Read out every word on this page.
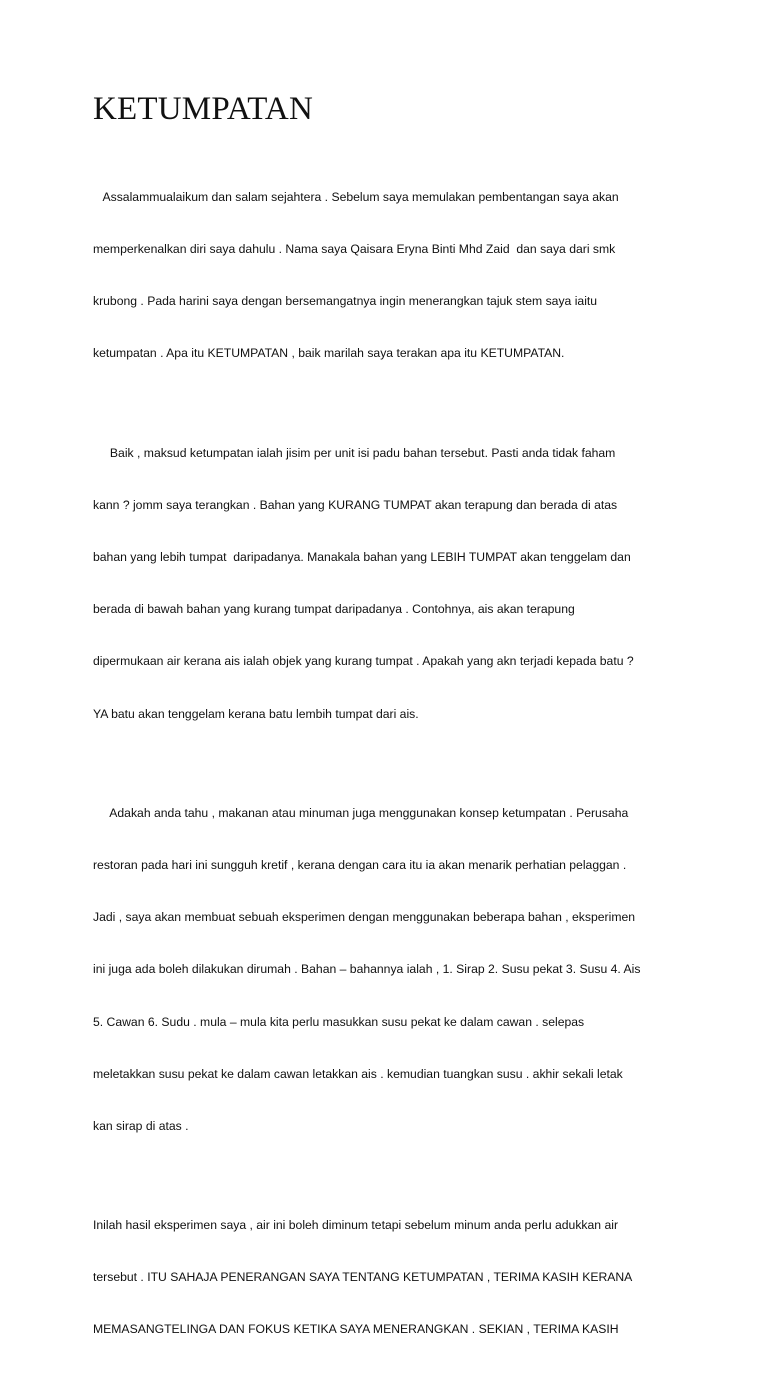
KETUMPATAN

Assalammualaikum dan salam sejahtera . Sebelum saya memulakan pembentangan saya akan

memperkenalkan diri saya dahulu . Nama saya Qaisara Eryna Binti Mhd Zaid  dan saya dari smk

krubong . Pada harini saya dengan bersemangatnya ingin menerangkan tajuk stem saya iaitu

ketumpatan . Apa itu KETUMPATAN , baik marilah saya terakan apa itu KETUMPATAN.

Baik , maksud ketumpatan ialah jisim per unit isi padu bahan tersebut. Pasti anda tidak faham

kann ? jomm saya terangkan . Bahan yang KURANG TUMPAT akan terapung dan berada di atas

bahan yang lebih tumpat  daripadanya. Manakala bahan yang LEBIH TUMPAT akan tenggelam dan

berada di bawah bahan yang kurang tumpat daripadanya . Contohnya, ais akan terapung

dipermukaan air kerana ais ialah objek yang kurang tumpat . Apakah yang akn terjadi kepada batu ?

YA batu akan tenggelam kerana batu lembih tumpat dari ais.

Adakah anda tahu , makanan atau minuman juga menggunakan konsep ketumpatan . Perusaha

restoran pada hari ini sungguh kretif , kerana dengan cara itu ia akan menarik perhatian pelaggan .

Jadi , saya akan membuat sebuah eksperimen dengan menggunakan beberapa bahan , eksperimen

ini juga ada boleh dilakukan dirumah . Bahan – bahannya ialah , 1. Sirap 2. Susu pekat 3. Susu 4. Ais

5. Cawan 6. Sudu . mula – mula kita perlu masukkan susu pekat ke dalam cawan . selepas

meletakkan susu pekat ke dalam cawan letakkan ais . kemudian tuangkan susu . akhir sekali letak

kan sirap di atas .

Inilah hasil eksperimen saya , air ini boleh diminum tetapi sebelum minum anda perlu adukkan air

tersebut . ITU SAHAJA PENERANGAN SAYA TENTANG KETUMPATAN , TERIMA KASIH KERANA

MEMASANGTELINGA DAN FOKUS KETIKA SAYA MENERANGKAN . SEKIAN , TERIMA KASIH
